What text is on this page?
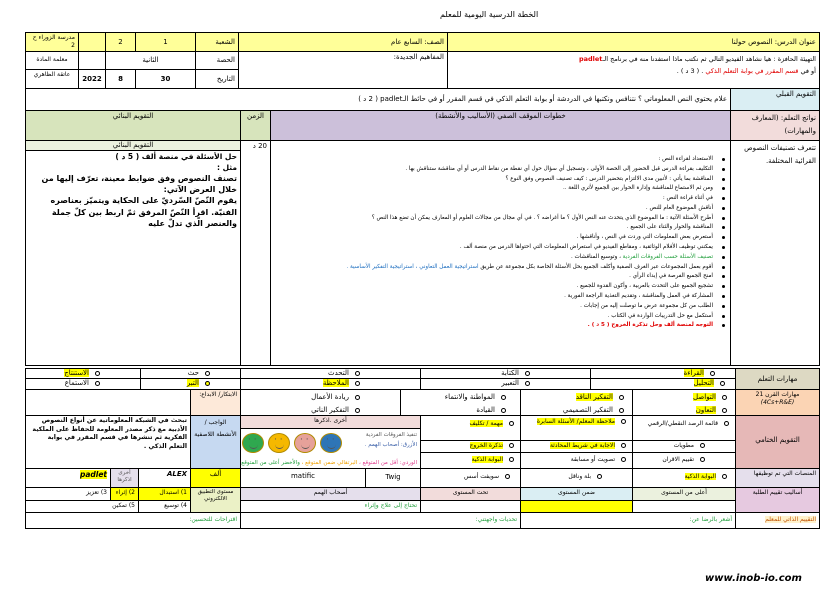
الخطة الدرسية اليومية للمعلم
عنوان الدرس: النصوص حولنا
الصف: السابع عام
الشعبة
1
2
مدرسة الزوراء ح 2
التهيئة الحافزة : هيا نشاهد الفيديو التالي ثم نكتب ماذا استفدنا منه في برنامج الـpadlet
أو في قسم المقرر في بوابة التعلم الذكي . ( 3 د ) .
المفاهيم الجديدة:
الحصة
الثانية
معلمة المادة
التاريخ
30
8
2022
عاتقة الظاهري
التقويم القبلي
علام يحتوي النص المعلوماتي ؟ نتنافس ونكتبها في الدردشة أو بوابة التعلم الذكي في قسم المقرر أو في حائط الـpadlet ( 2 د )
نواتج التعلم: (المعارف والمهارات)
خطوات الموقف الصفي (الأساليب والأنشطة)
الزمن
التقويم البنائي
تتعرف تصنيفات النصوص القرائية المختلفة.
الاستعداد لقراءة النص :
التكليف بقراءة الدرس قبل الحضور إلى الحصة الأولى ، وتسجيل أي سؤال حول أي نقطة من نقاط الدرس أو أي مناقشة ستناقش بها .
المناقشة بما يأتي : لأتبين مدى الالتزام بتحضير الدرس : كيف تصنيف النصوص وفق النوع ؟
ومن ثم الاستماع للمناقشة وإدارة الحوار بين الجميع لأثري اللغة ..
في أثناء قراءة النص :
أناقش الموضوع العام للنص .
أطرح الأسئلة الآتية : ما الموضوع الذي يتحدث عنه النص الأول ؟ ما أغراضه ؟ . في أي مجال من مجالات العلوم أو المعارف يمكن أن تضع هذا النص ؟
المناقشة والحوار والثناء على الجميع .
أستعرض بعض المعلومات التي وردت في النص ، وأناقشها .
يمكنني توظيف الأفلام الوثائقية ، ومقاطع الفيديو في استعراض المعلومات التي احتواها الدرس من منصة ألف .
تصنيف الأسئلة حسب الفروقات الفردية ، وتوسيع المناقشات .
أقوم بعمل المجموعات عبر الغرف الصفية وأكلف الجميع بحل الأسئلة الخاصة بكل مجموعة عن طريق استراتيجية العمل التعاوني ، استراتيجية التفكير الأساسية .
امنح الجميع الفرصة في إبداء الرأي .
تشجيع الجميع على التحدث بالعربية ، وأكون القدوة للجميع .
المشاركة في العمل والمناقشة ، وتقديم التغذية الراجعة الفورية .
الطلب من كل مجموعة عرض ما توصلت إليه من إجابات .
أستكمل مع حل التدريبات الواردة في الكتاب .
التوجه لمنصة ألف وحل تذكرة الخروج ( 5 د ) .
20 د
التقويم البنائي
حل الأسئلة في منصة ألف ( 5 د )
مثل :
تصنف النصوص وفق ضوابط معينة، تعرّف إليها من خلال العرض الآتي:
يقوم النّصّ السّرديّ على الحكاية ويتميّز بعناصره الفنيّة. اقرأ النّصّ المرفق ثمّ اربط بين كلّ جملة والعنصر الّذي تدلّ عليه
مهارات التعلم
القراءة
التحليل
الكتابة
التعبير
التحدث
الملاحظة
حث
التبر
الاستنتاج
الاستماع
مهارات القرن 21
(4Cs+R&E)
التواصل
التعاون
التفكير الناقد
التفكير التصميمي
المواطنة والانتماء
القيادة
ريادة الأعمال
التفكير الناتي
الابتكار/ الابداع:
التقويم الختامي
قائمة الرصد النقطي/الرقمي
ملاحظة المعلم/ الأسئلة السابرة
مهمة / تكليف
مطويات
الاجابة في شريط المحادثة
تذكرة الخروج
تقييم الاقران
تصويت أو مسابقة
البوابة الذكية
أخرى .اذكرها
تنفيذ الفروقات الفردية
الأزرق: أصحاب الهمم .
الوردي: أقل من المتوقع ، البرتقالي ضمن المتوقع ، والأخضر أعلى من المتوقع
· ·
· ·
· ·
· ·
الواجب / الأنشطة اللاصفية
تبحث في الشبكة المعلوماتية عن أنواع النصوص الأدبية مع ذكر مصدر المعلومة للحفاظ على الملكية الفكرية ثم تنشرها في قسم المقرر في بوابة التعلم الذكي .
المنصات التي تم توظيفها
البوابة الذكية
بلة وناقل
سويفت أسس
Twig
matific
ألف
ALEX
أخرى اذكرها
padlet
أساليب تقييم الطلبة
أعلى من المستوى
ضمن المستوى
تحت المستوى
أصحاب الهمم
تحتاج إلى علاج وإثراء
مستوى التطبيق الالكتروني
1) استبدال
2) إثراء
3) تعزيز
4) توسيع
5) تمكين
التقييم الذاتي للمعلم
أشعر بالرضا عن:
تحديات واجهتني:
اقتراحات للتحسين:
www.inob-io.com
